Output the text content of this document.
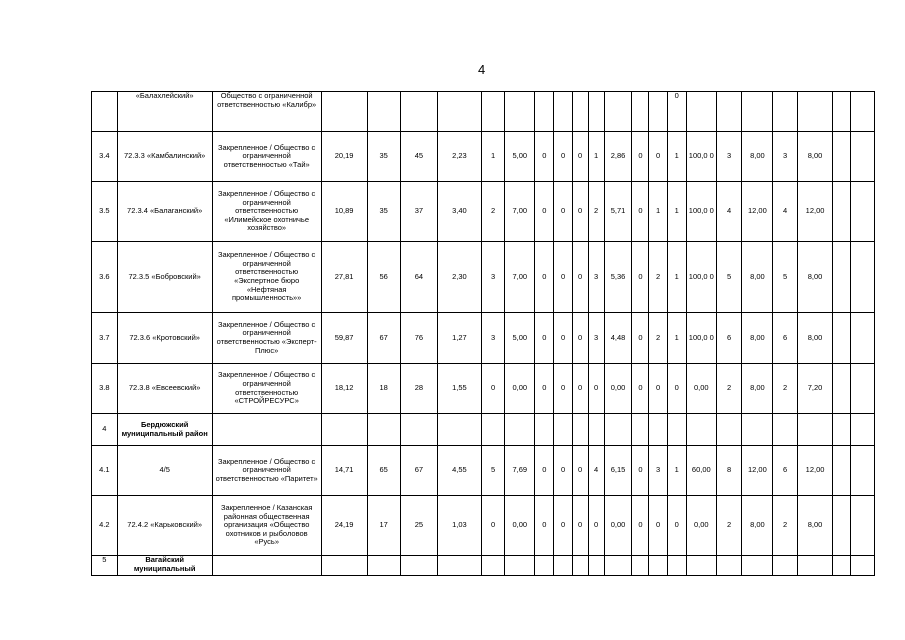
4
	«Балахлейский»	Общество с ограниченной ответственностью «Калибр»														0							
3.4	72.3.3 «Камбалинский»	Закрепленное / Общество с ограниченной ответственностью «Тай»	20,19	35	45	2,23	1	5,00	0	0	0	1	2,86	0	0	1	100,0 0	3	8,00	3	8,00		
3.5	72.3.4 «Балаганский»	Закрепленное / Общество с ограниченной ответственностью «Илимейское охотничье хозяйство»	10,89	35	37	3,40	2	7,00	0	0	0	2	5,71	0	1	1	100,0 0	4	12,00	4	12,00		
3.6	72.3.5 «Бобровский»	Закрепленное / Общество с ограниченной ответственностью «Экспертное бюро «Нефтяная промышленность»»	27,81	56	64	2,30	3	7,00	0	0	0	3	5,36	0	2	1	100,0 0	5	8,00	5	8,00		
3.7	72.3.6 «Кротовский»	Закрепленное / Общество с ограниченной ответственностью «Эксперт-Плюс»	59,87	67	76	1,27	3	5,00	0	0	0	3	4,48	0	2	1	100,0 0	6	8,00	6	8,00		
3.8	72.3.8 «Евсеевский»	Закрепленное / Общество с ограниченной ответственностью «СТРОЙРЕСУРС»	18,12	18	28	1,55	0	0,00	0	0	0	0	0,00	0	0	0	0,00	2	8,00	2	7,20		
4	Бердюжский муниципальный район																						
4.1	4/5	Закрепленное / Общество с ограниченной ответственностью «Паритет»	14,71	65	67	4,55	5	7,69	0	0	0	4	6,15	0	3	1	60,00	8	12,00	6	12,00		
4.2	72.4.2 «Карьковский»	Закрепленное / Казанская районная общественная организация «Общество охотников и рыболовов «Русь»	24,19	17	25	1,03	0	0,00	0	0	0	0	0,00	0	0	0	0,00	2	8,00	2	8,00		
5	Вагайский муниципальный																						
